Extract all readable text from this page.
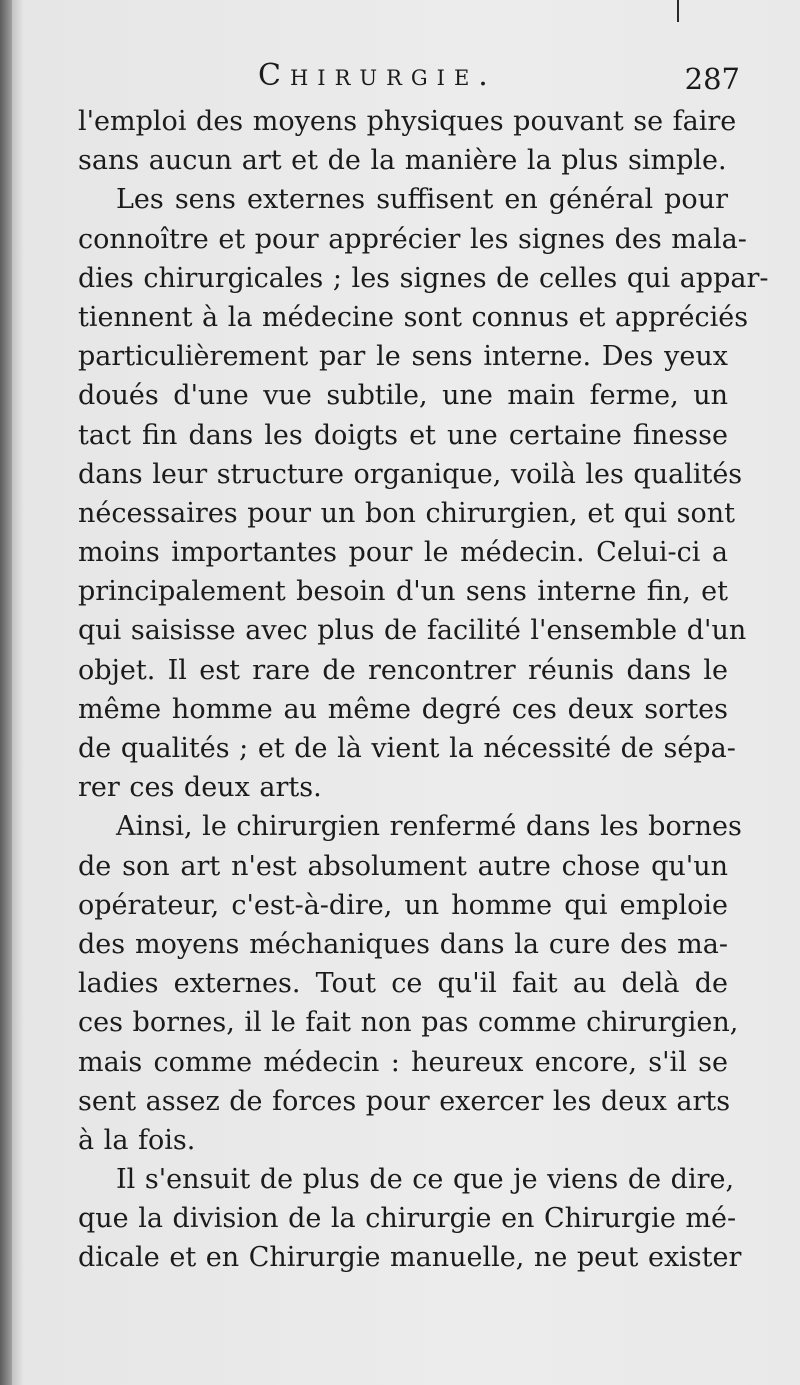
Chirurgie.	287
l'emploi des moyens physiques pouvant se faire
sans aucun art et de la manière la plus simple.
Les sens externes suffisent en général pour
connoître et pour apprécier les signes des mala-
dies chirurgicales ; les signes de celles qui appar-
tiennent à la médecine sont connus et appréciés
particulièrement par le sens interne. Des yeux
doués d'une vue subtile, une main ferme, un
tact fin dans les doigts et une certaine finesse
dans leur structure organique, voilà les qualités
nécessaires pour un bon chirurgien, et qui sont
moins importantes pour le médecin. Celui-ci a
principalement besoin d'un sens interne fin, et
qui saisisse avec plus de facilité l'ensemble d'un
objet. Il est rare de rencontrer réunis dans le
même homme au même degré ces deux sortes
de qualités ; et de là vient la nécessité de sépa-
rer ces deux arts.
Ainsi, le chirurgien renfermé dans les bornes
de son art n'est absolument autre chose qu'un
opérateur, c'est-à-dire, un homme qui emploie
des moyens méchaniques dans la cure des ma-
ladies externes. Tout ce qu'il fait au delà de
ces bornes, il le fait non pas comme chirurgien,
mais comme médecin : heureux encore, s'il se
sent assez de forces pour exercer les deux arts
à la fois.
Il s'ensuit de plus de ce que je viens de dire,
que la division de la chirurgie en Chirurgie mé-
dicale et en Chirurgie manuelle, ne peut exister
